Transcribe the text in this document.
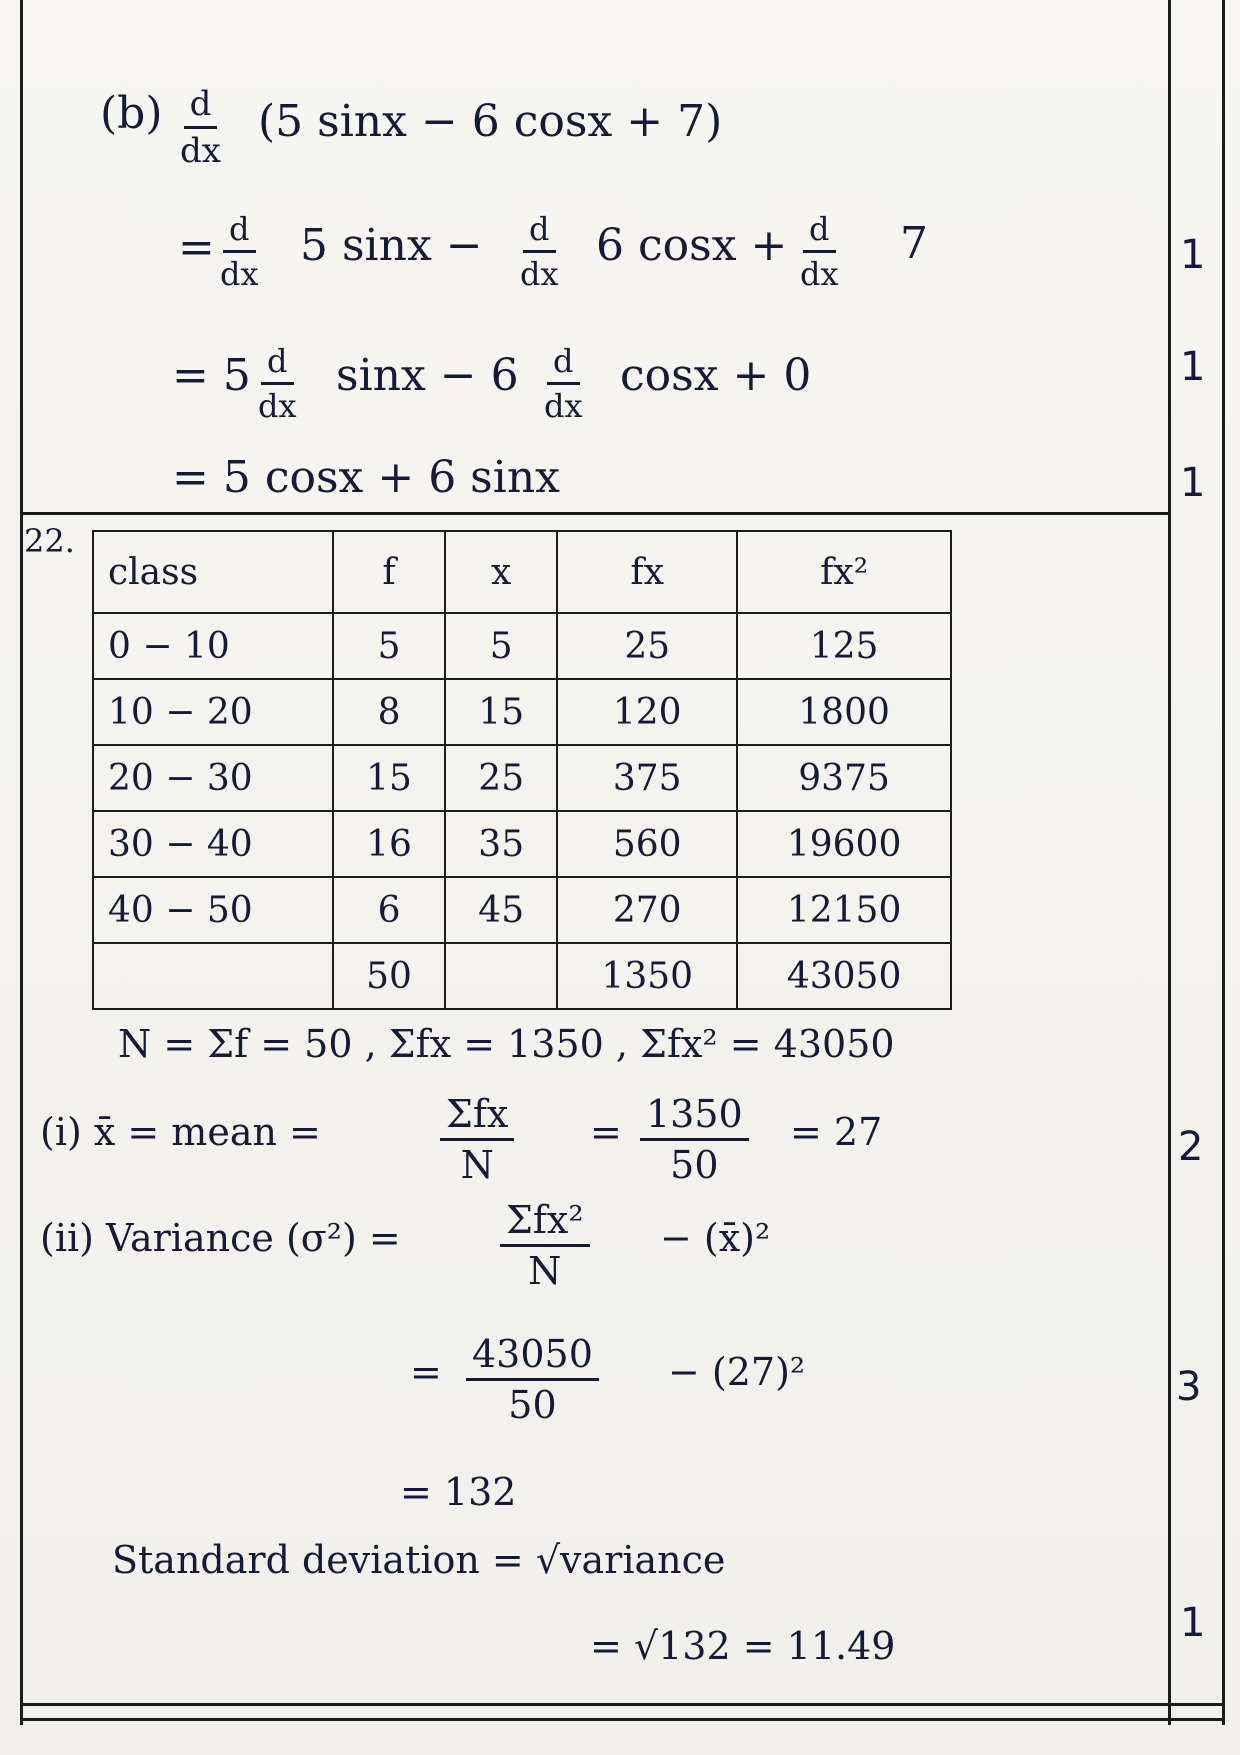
$(b) \frac{d}{dx} (5$ sinx − 6 cosx + 7)
= $\frac{d}{dx} 5$ $\sin x - \frac{d}{dx} 6$ $\cos x + \frac{d}{dx} 7$
= $5 \frac{d}{dx}$ $\sin x - 6 \frac{d}{dx}$ cosx + 0
= 5 cosx + 6 sinx
1
1
1
22.
class	f	x	fx	fx²
0 − 10	5	5	25	125
10 − 20	8	15	120	1800
20 − 30	15	25	375	9375
30 − 40	16	35	560	19600
40 − 50	6	45	270	12150
	50		1350	43050
N = Σf = 50 , Σfx = 1350 , Σfx² = 43050
(i) x̄ = mean =	Σfx
N
= $\frac{1350}{50} = 27$
(ii) Variance (σ²) =	Σfx²
N
− (x̄)²
= $\frac{43050}{50} - (27)^2$
= 132
Standard deviation = √variance
= √132 = 11.49
2
3
1
